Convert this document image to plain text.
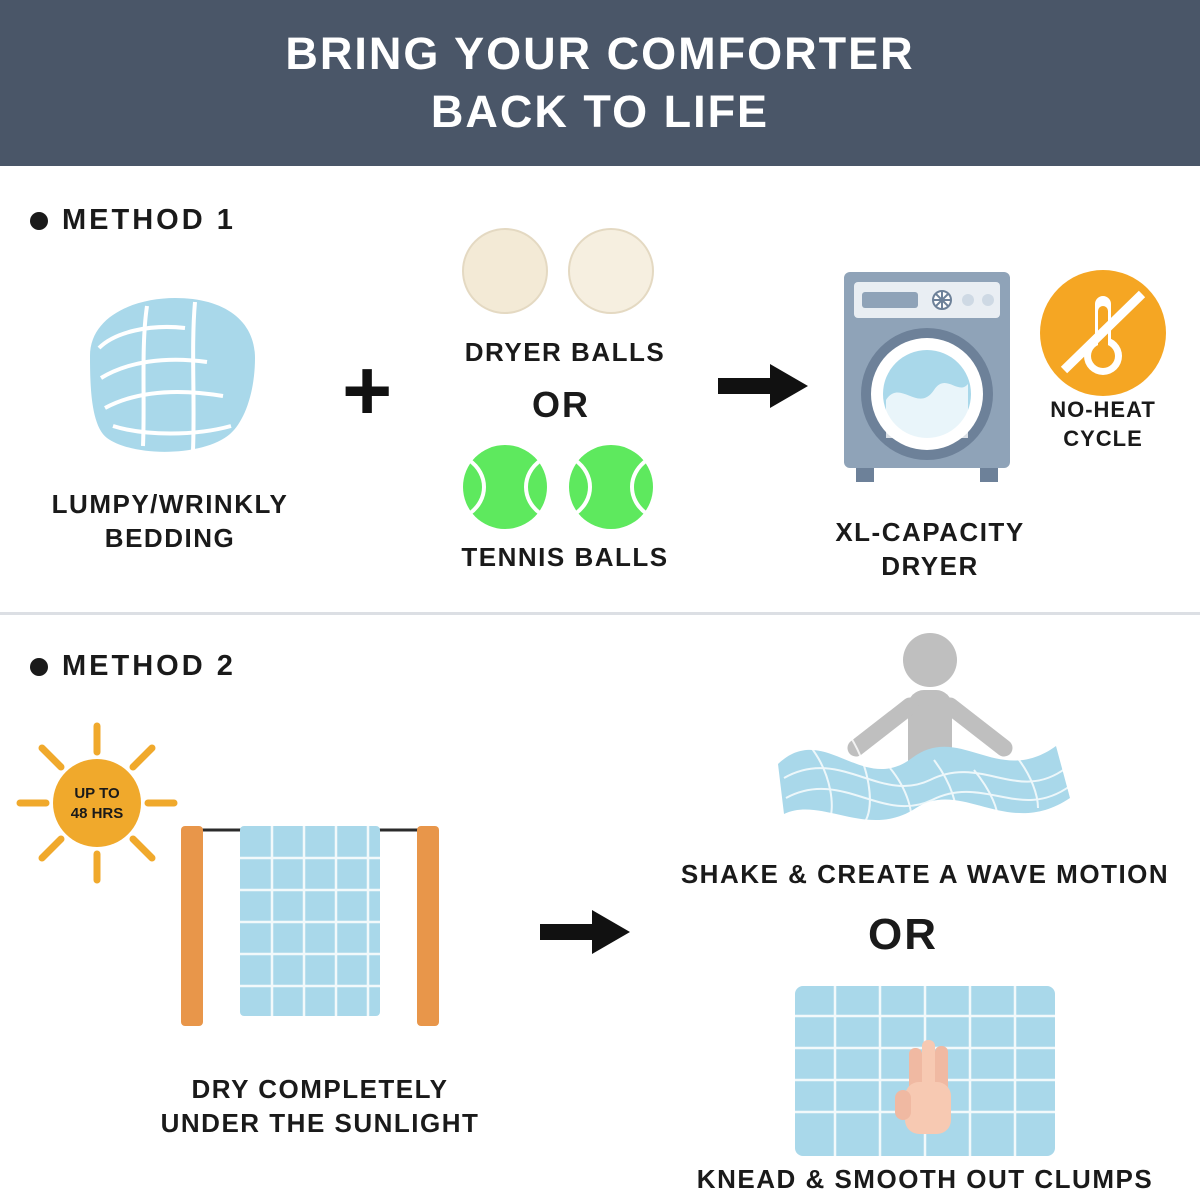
BRING YOUR COMFORTER
BACK TO LIFE
METHOD 1
LUMPY/WRINKLY
BEDDING
+	DRYER BALLS
OR
TENNIS BALLS
XL-CAPACITY
DRYER
NO-HEAT
CYCLE
METHOD 2
UP TO
48 HRS
DRY COMPLETELY
UNDER THE SUNLIGHT
SHAKE & CREATE A WAVE MOTION
OR
KNEAD & SMOOTH OUT CLUMPS
